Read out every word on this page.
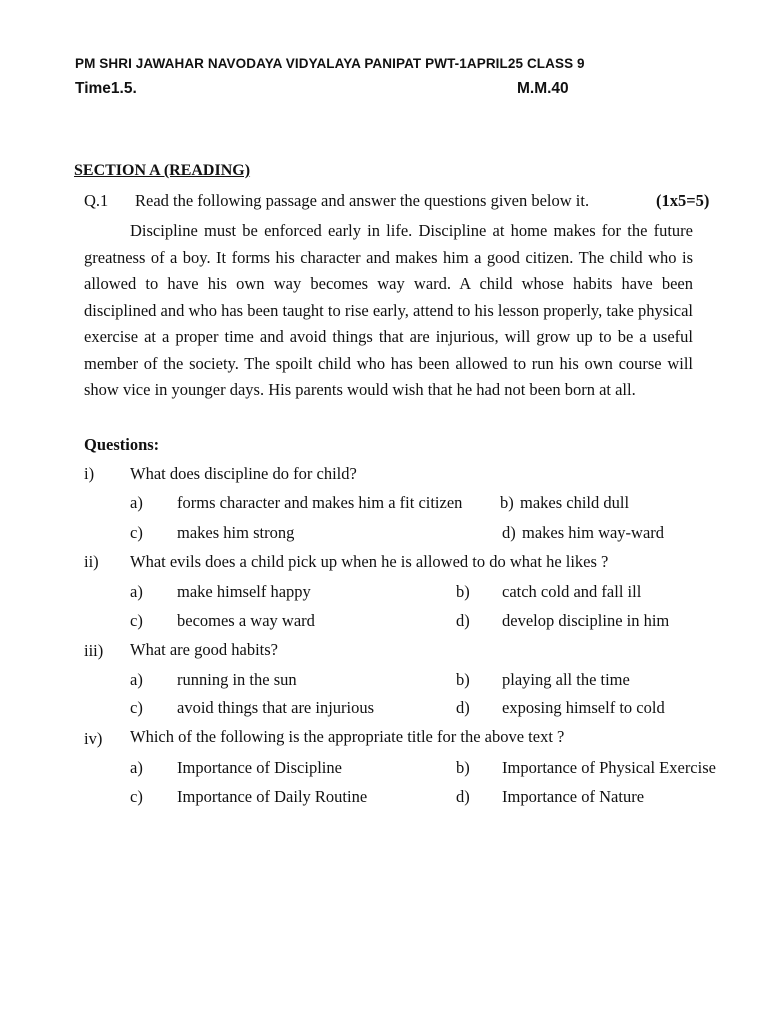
PM SHRI JAWAHAR NAVODAYA VIDYALAYA PANIPAT PWT-1APRIL25 CLASS 9
Time1.5.	M.M.40
SECTION A (READING)
Q.1 Read the following passage and answer the questions given below it.	(1x5=5)
Discipline must be enforced early in life. Discipline at home makes for the future greatness of a boy. It forms his character and makes him a good citizen. The child who is allowed to have his own way becomes way ward. A child whose habits have been disciplined and who has been taught to rise early, attend to his lesson properly, take physical exercise at a proper time and avoid things that are injurious, will grow up to be a useful member of the society. The spoilt child who has been allowed to run his own course will show vice in younger days. His parents would wish that he had not been born at all.
Questions:
i) What does discipline do for child?
a) forms character and makes him a fit citizen b) makes child dull
c) makes him strong	d) makes him way-ward
ii) What evils does a child pick up when he is allowed to do what he likes ?
a) make himself happy	b) catch cold and fall ill
c) becomes a way ward	d) develop discipline in him
iii) What are good habits?
a) running in the sun	b) playing all the time
c) avoid things that are injurious	d) exposing himself to cold
iv) Which of the following is the appropriate title for the above text ?
a) Importance of Discipline	b) Importance of Physical Exercise
c) Importance of Daily Routine	d) Importance of Nature
